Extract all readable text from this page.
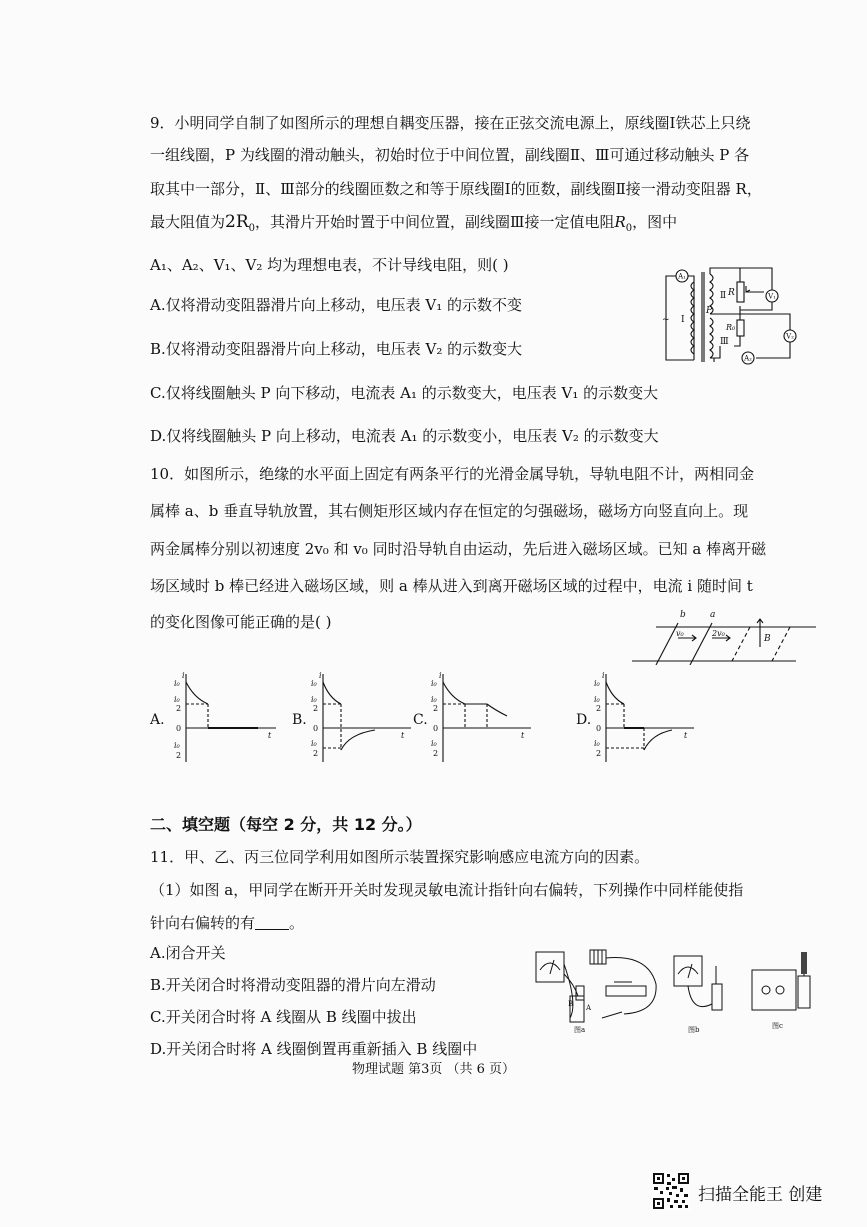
9．小明同学自制了如图所示的理想自耦变压器，接在正弦交流电源上，原线圈Ⅰ铁芯上只绕
一组线圈，P 为线圈的滑动触头，初始时位于中间位置，副线圈Ⅱ、Ⅲ可通过移动触头 P 各
取其中一部分，Ⅱ、Ⅲ部分的线圈匝数之和等于原线圈Ⅰ的匝数，副线圈Ⅱ接一滑动变阻器 R，
最大阻值为$2R_0$，其滑片开始时置于中间位置，副线圈Ⅲ接一定值电阻$R_0$，图中
A₁、A₂、V₁、V₂ 均为理想电表，不计导线电阻，则( )
A.仅将滑动变阻器滑片向上移动，电压表 V₁ 的示数不变
B.仅将滑动变阻器滑片向上移动，电压表 V₂ 的示数变大
C.仅将线圈触头 P 向下移动，电流表 A₁ 的示数变大，电压表 V₁ 的示数变大
D.仅将线圈触头 P 向上移动，电流表 A₁ 的示数变小，电压表 V₂ 的示数变大
A₁
V₁
V₂
A₂
~ Ⅰ
Ⅱ
Ⅲ
P
R
R₀
10．如图所示，绝缘的水平面上固定有两条平行的光滑金属导轨，导轨电阻不计，两相同金
属棒 a、b 垂直导轨放置，其右侧矩形区域内存在恒定的匀强磁场，磁场方向竖直向上。现
两金属棒分别以初速度 2v₀ 和 v₀ 同时沿导轨自由运动，先后进入磁场区域。已知 a 棒离开磁
场区域时 b 棒已经进入磁场区域，则 a 棒从进入到离开磁场区域的过程中，电流 i 随时间 t
的变化图像可能正确的是( )	b	a
v₀	2v₀
B
A.	B.	C.	D.
i
i₀
i₀
2
0
i₀
2
t
i
i₀
i₀
2
0
i₀
2
t
i
i₀
i₀
2
0
i₀
2
t
i
i₀
i₀
2
0
i₀
2
t
二、填空题（每空 2 分，共 12 分。）
11．甲、乙、丙三位同学利用如图所示装置探究影响感应电流方向的因素。
（1）如图 a，甲同学在断开开关时发现灵敏电流计指针向右偏转，下列操作中同样能使指
针向右偏转的有 。
A.闭合开关
B.开关闭合时将滑动变阻器的滑片向左滑动
C.开关闭合时将 A 线圈从 B 线圈中拔出
D.开关闭合时将 A 线圈倒置再重新插入 B 线圈中
A
B
图a	图b	图c
物理试题 第3页 （共 6 页）
扫描全能王 创建
